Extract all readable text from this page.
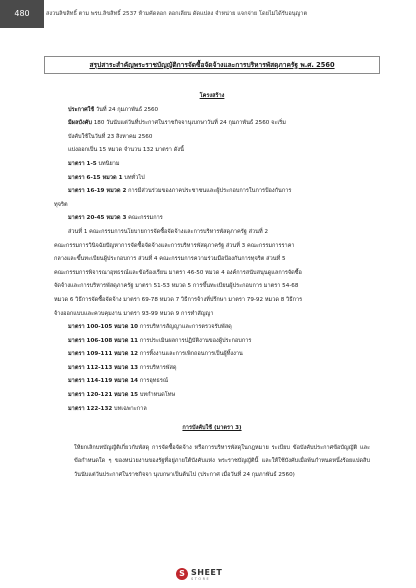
480	สงวนลิขสิทธิ์ ตาม พรบ.ลิขสิทธิ์ 2537 ห้ามคัดลอก ลอกเลียน ดัดแปลง จำหน่าย แจกจ่าย โดยไม่ได้รับอนุญาต
สรุปสาระสำคัญพระราชบัญญัติการจัดซื้อจัดจ้างและการบริหารพัสดุภาครัฐ พ.ศ. 2560
โครงสร้าง
ประกาศใช้ วันที่ 24 กุมภาพันธ์ 2560
มีผลบังคับ 180 วันนับแต่วันที่ประกาศในราชกิจจานุเบกษาวันที่ 24 กุมภาพันธ์ 2560 จะเริ่ม
บังคับใช้ในวันที่ 23 สิงหาคม 2560
แบ่งออกเป็น 15 หมวด จำนวน 132 มาตรา ดังนี้
มาตรา 1-5 บทนิยาม
มาตรา 6-15 หมวด 1 บททั่วไป
มาตรา 16-19 หมวด 2 การมีส่วนร่วมของภาคประชาชนและผู้ประกอบการในการป้องกันการ
ทุจริต
มาตรา 20-45 หมวด 3 คณะกรรมการ
ส่วนที่ 1 คณะกรรมการนโยบายการจัดซื้อจัดจ้างและการบริหารพัสดุภาครัฐ ส่วนที่ 2
คณะกรรมการวินิจฉัยปัญหาการจัดซื้อจัดจ้างและการบริหารพัสดุภาครัฐ ส่วนที่ 3 คณะกรรมการราคา
กลางและขึ้นทะเบียนผู้ประกอบการ ส่วนที่ 4 คณะกรรมการความร่วมมือป้องกันการทุจริต ส่วนที่ 5
คณะกรรมการพิจารณาอุทธรณ์และข้อร้องเรียน มาตรา 46-50 หมวด 4 องค์การสนับสนุนดูแลการจัดซื้อ
จัดจ้างและการบริหารพัสดุภาครัฐ มาตรา 51-53 หมวด 5 การขึ้นทะเบียนผู้ประกอบการ มาตรา 54-68
หมวด 6 วิธีการจัดซื้อจัดจ้าง มาตรา 69-78 หมวด 7 วิธีการจ้างที่ปรึกษา มาตรา 79-92 หมวด 8 วิธีการ
จ้างออกแบบและควบคุมงาน มาตรา 93-99 หมวด 9 การทำสัญญา
มาตรา 100-105 หมวด 10 การบริหารสัญญาและการตรวจรับพัสดุ
มาตรา 106-108 หมวด 11 การประเมินผลการปฏิบัติงานของผู้ประกอบการ
มาตรา 109-111 หมวด 12 การทิ้งงานและการเพิกถอนการเป็นผู้ทิ้งงาน
มาตรา 112-113 หมวด 13 การบริหารพัสดุ
มาตรา 114-119 หมวด 14 การอุทธรณ์
มาตรา 120-121 หมวด 15 บทกำหนดโทษ
มาตรา 122-132 บทเฉพาะกาล
การบังคับใช้ (มาตรา 3)
ให้ยกเลิกบทบัญญัติเกี่ยวกับพัสดุ การจัดซื้อจัดจ้าง หรือการบริหารพัสดุในกฎหมาย ระเบียบ ข้อบังคับประกาศข้อบัญญัติ และข้อกำหนดใด ๆ ของหน่วยงานของรัฐที่อยู่ภายใต้บังคับแห่ง พระราชบัญญัตินี้ และให้ใช้บังคับเมื่อพ้นกำหนดหนึ่งร้อยแปดสิบวันนับแต่วันประกาศในราชกิจจา นุเบกษาเป็นต้นไป (ประกาศ เมื่อวันที่ 24 กุมภาพันธ์ 2560)
S SHEET
STORE
